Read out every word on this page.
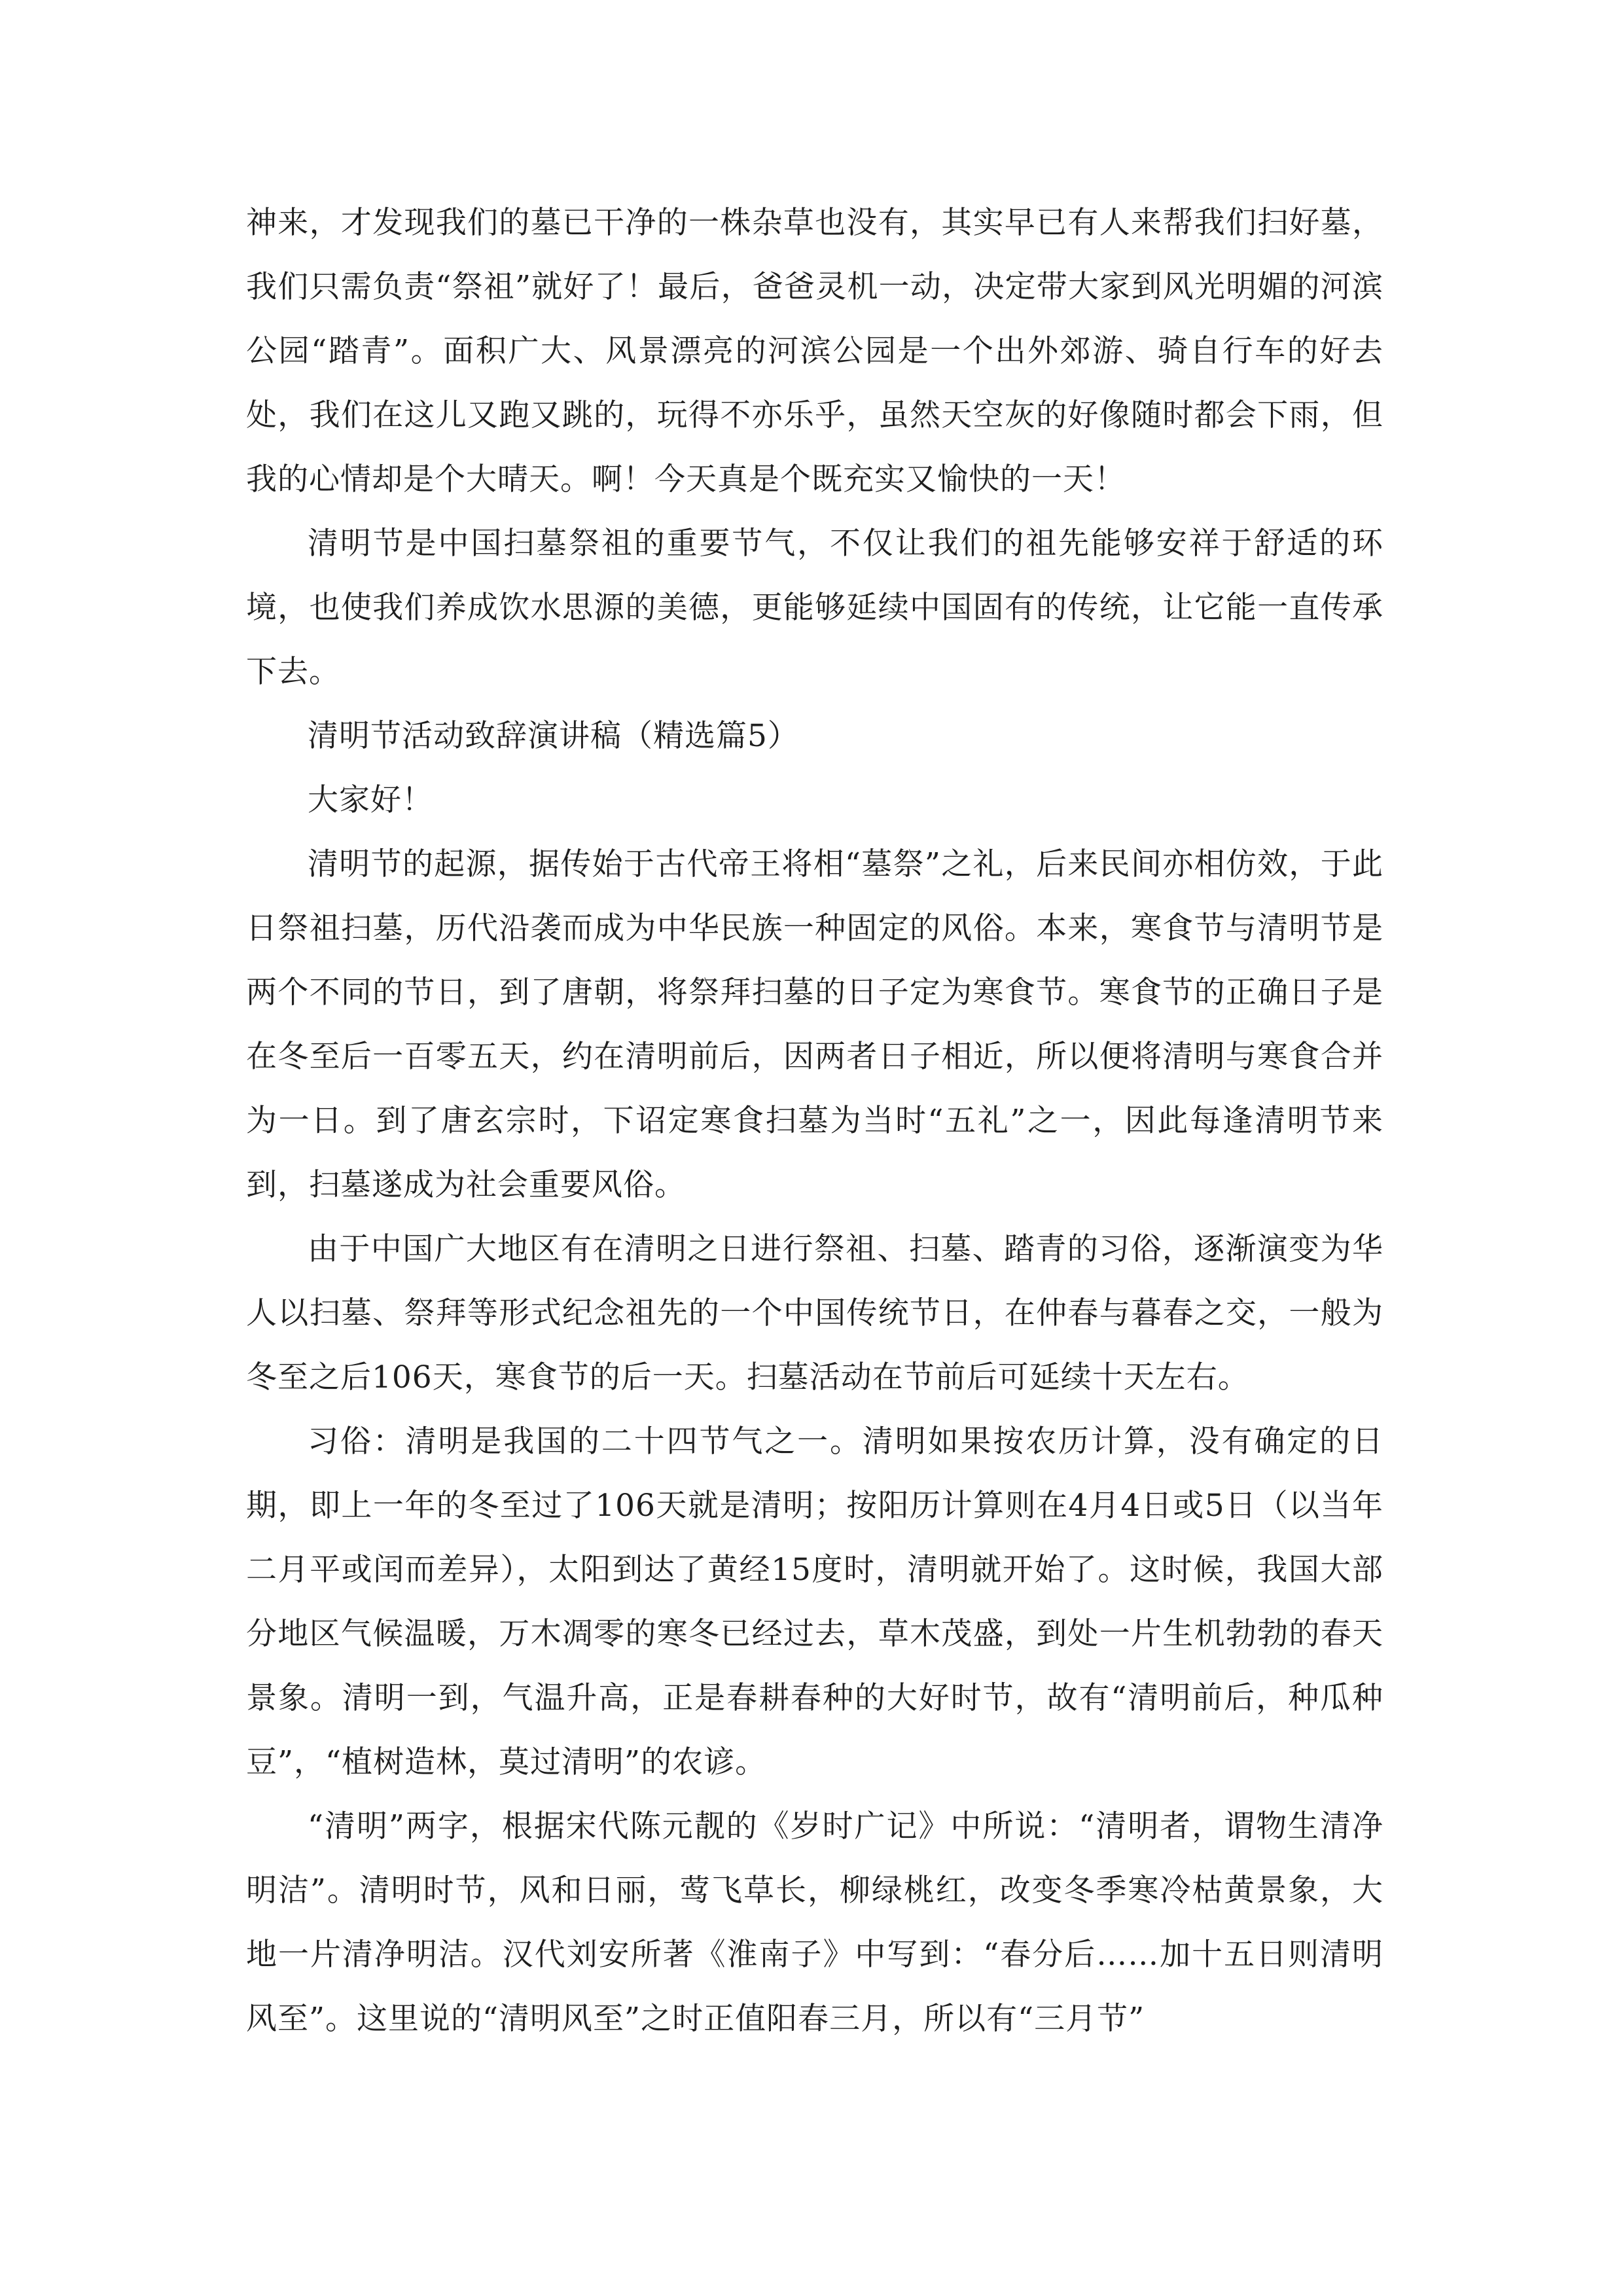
神来，才发现我们的墓已干净的一株杂草也没有，其实早已有人来帮我们扫好墓，我们只需负责“祭祖”就好了！最后，爸爸灵机一动，决定带大家到风光明媚的河滨公园“踏青”。面积广大、风景漂亮的河滨公园是一个出外郊游、骑自行车的好去处，我们在这儿又跑又跳的，玩得不亦乐乎，虽然天空灰的好像随时都会下雨，但我的心情却是个大晴天。啊！今天真是个既充实又愉快的一天！

清明节是中国扫墓祭祖的重要节气，不仅让我们的祖先能够安祥于舒适的环境，也使我们养成饮水思源的美德，更能够延续中国固有的传统，让它能一直传承下去。

清明节活动致辞演讲稿（精选篇5）

大家好！

清明节的起源，据传始于古代帝王将相“墓祭”之礼，后来民间亦相仿效，于此日祭祖扫墓，历代沿袭而成为中华民族一种固定的风俗。本来，寒食节与清明节是两个不同的节日，到了唐朝，将祭拜扫墓的日子定为寒食节。寒食节的正确日子是在冬至后一百零五天，约在清明前后，因两者日子相近，所以便将清明与寒食合并为一日。到了唐玄宗时，下诏定寒食扫墓为当时“五礼”之一，因此每逢清明节来到，扫墓遂成为社会重要风俗。

由于中国广大地区有在清明之日进行祭祖、扫墓、踏青的习俗，逐渐演变为华人以扫墓、祭拜等形式纪念祖先的一个中国传统节日，在仲春与暮春之交，一般为冬至之后106天，寒食节的后一天。扫墓活动在节前后可延续十天左右。

习俗：清明是我国的二十四节气之一。清明如果按农历计算，没有确定的日期，即上一年的冬至过了106天就是清明；按阳历计算则在4月4日或5日（以当年二月平或闰而差异），太阳到达了黄经15度时，清明就开始了。这时候，我国大部分地区气候温暖，万木凋零的寒冬已经过去，草木茂盛，到处一片生机勃勃的春天景象。清明一到，气温升高，正是春耕春种的大好时节，故有“清明前后，种瓜种豆”，“植树造林，莫过清明”的农谚。

“清明”两字，根据宋代陈元靓的《岁时广记》中所说：“清明者，谓物生清净明洁”。清明时节，风和日丽，莺飞草长，柳绿桃红，改变冬季寒冷枯黄景象，大地一片清净明洁。汉代刘安所著《淮南子》中写到：“春分后……加十五日则清明风至”。这里说的“清明风至”之时正值阳春三月，所以有“三月节”
